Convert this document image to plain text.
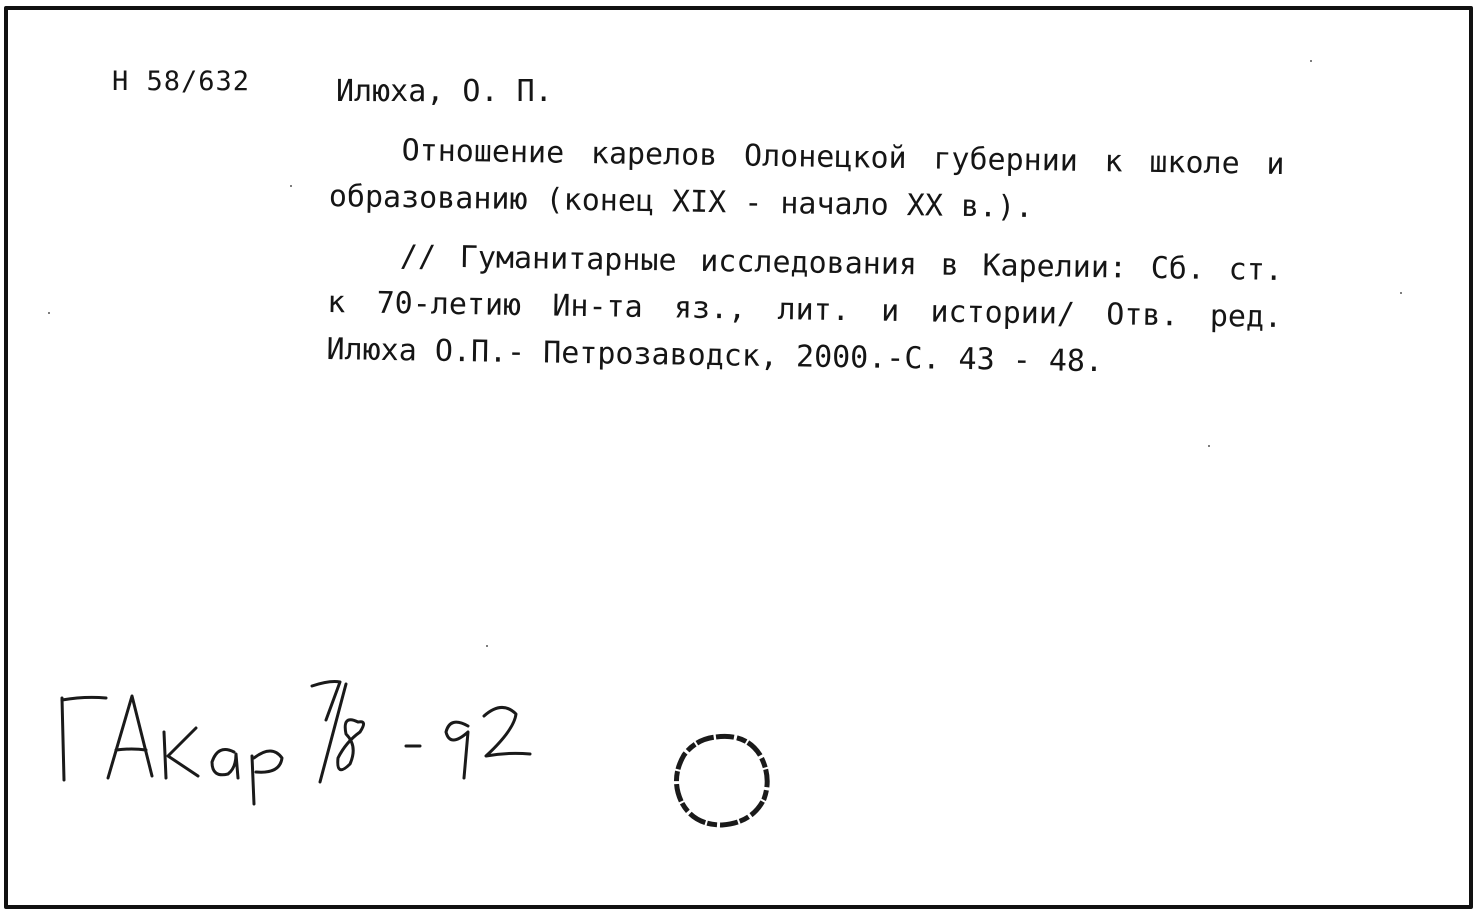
Н 58/632	Илюха, О. П.

Отношение карелов Олонецкой губернии к школе и образованию (конец XIX - начало XX в.).

// Гуманитарные исследования в Карелии: Сб. ст. к 70-летию Ин-та яз., лит. и истории/ Отв. ред. Илюха О.П.- Петрозаводск, 2000.-С. 43 - 48.
